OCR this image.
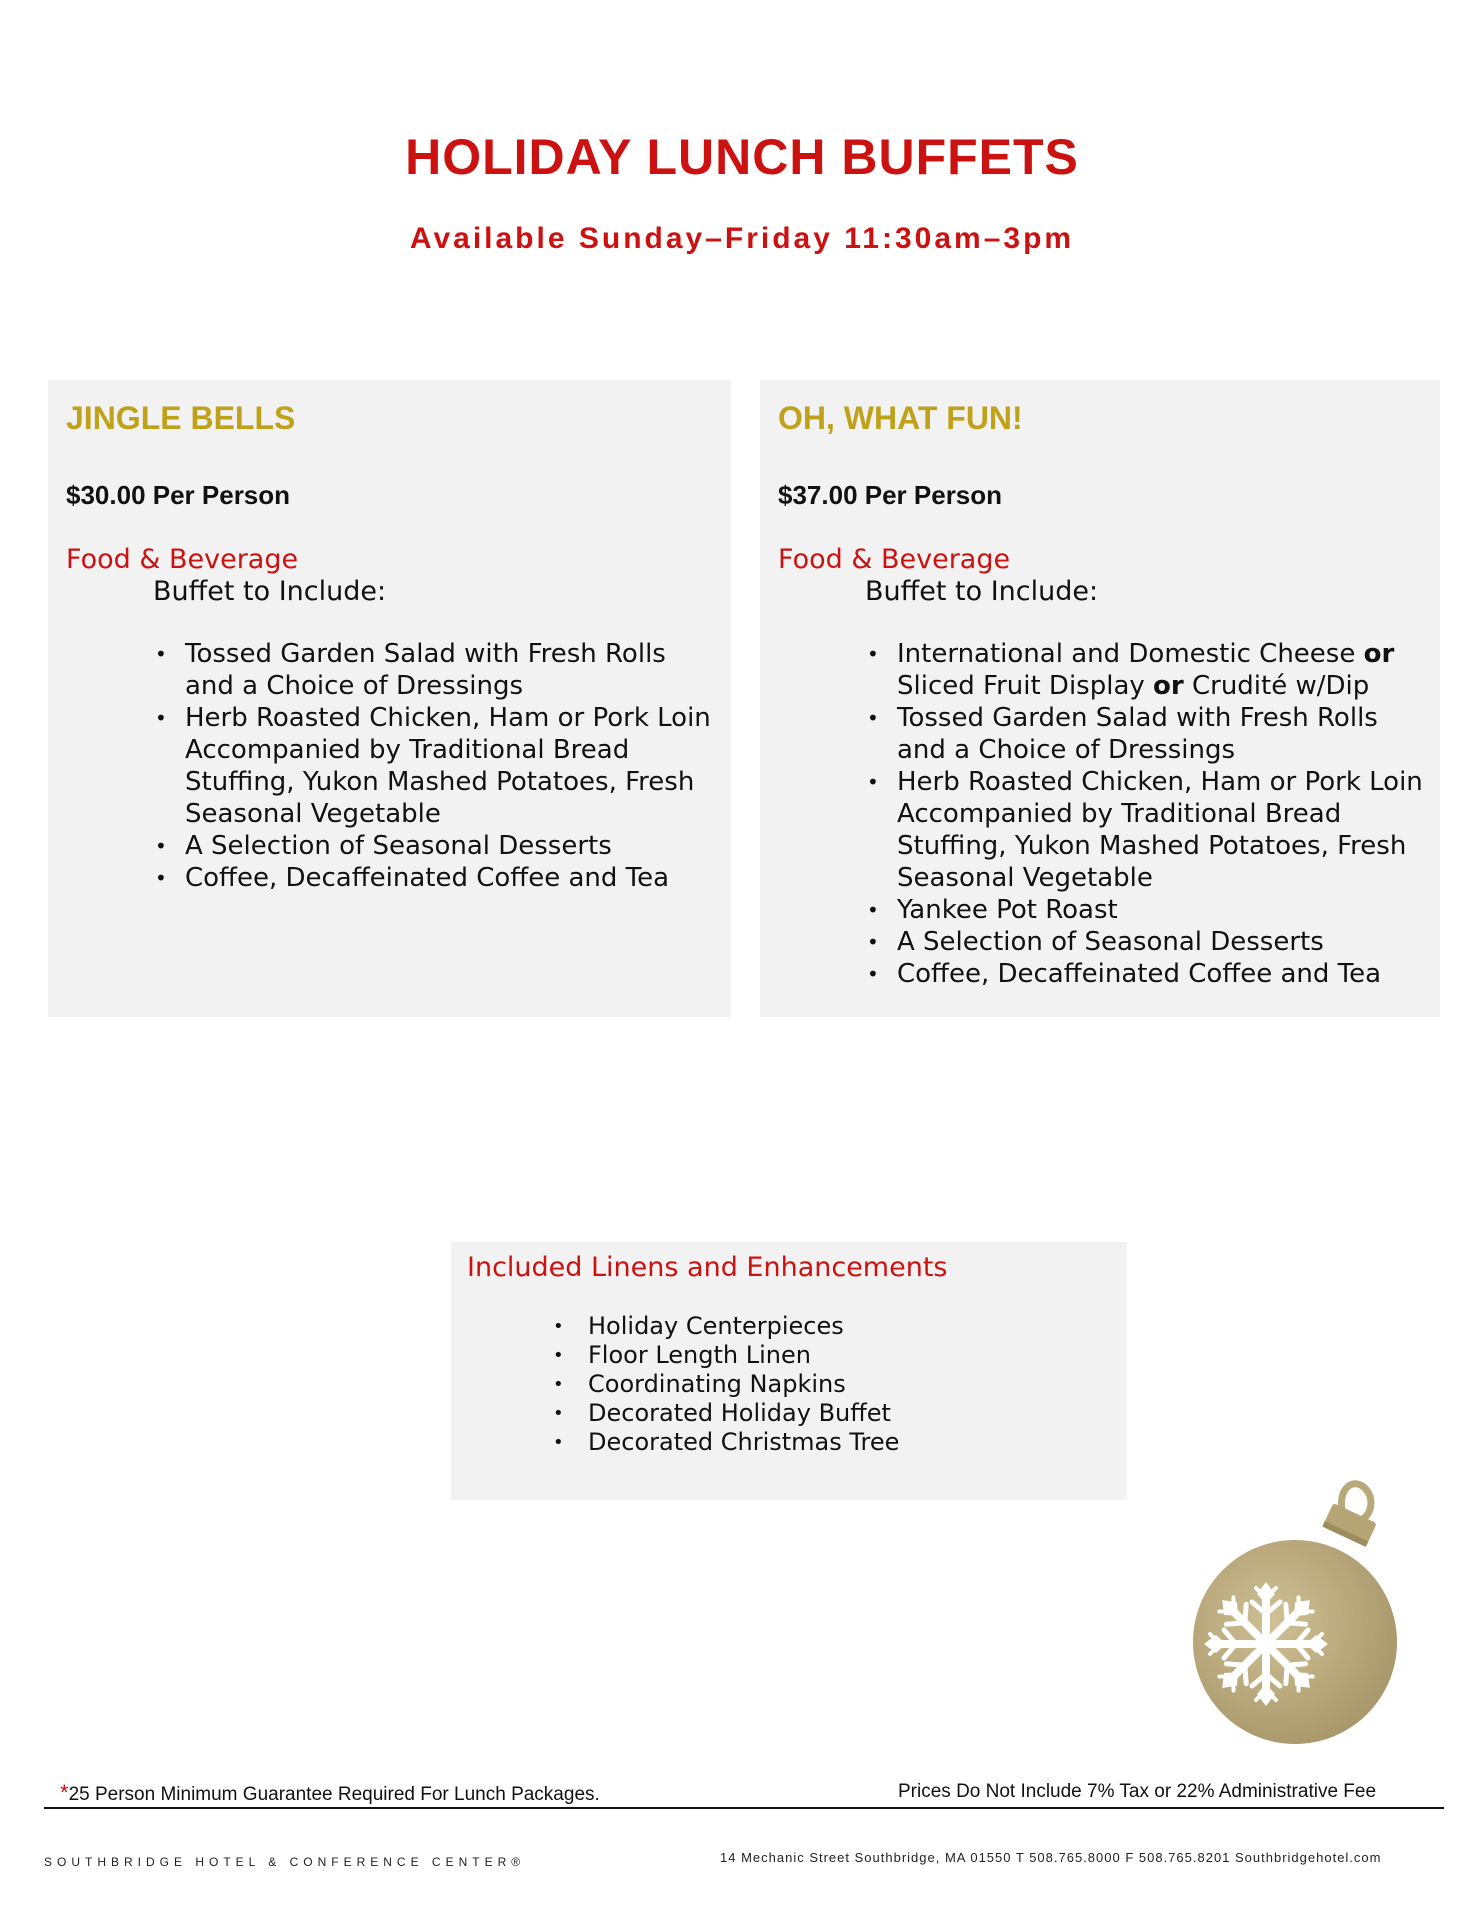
HOLIDAY LUNCH BUFFETS
Available Sunday–Friday 11:30am–3pm
JINGLE BELLS
$30.00 Per Person
Food & Beverage
Buffet to Include:
• Tossed Garden Salad with Fresh Rolls and a Choice of Dressings
• Herb Roasted Chicken, Ham or Pork Loin Accompanied by Traditional Bread Stuffing, Yukon Mashed Potatoes, Fresh Seasonal Vegetable
• A Selection of Seasonal Desserts
• Coffee, Decaffeinated Coffee and Tea
OH, WHAT FUN!
$37.00 Per Person
Food & Beverage
Buffet to Include:
• International and Domestic Cheese or Sliced Fruit Display or Crudité w/Dip
• Tossed Garden Salad with Fresh Rolls and a Choice of Dressings
• Herb Roasted Chicken, Ham or Pork Loin Accompanied by Traditional Bread Stuffing, Yukon Mashed Potatoes, Fresh Seasonal Vegetable
• Yankee Pot Roast
• A Selection of Seasonal Desserts
• Coffee, Decaffeinated Coffee and Tea
Included Linens and Enhancements
• Holiday Centerpieces
• Floor Length Linen
• Coordinating Napkins
• Decorated Holiday Buffet
• Decorated Christmas Tree
*25 Person Minimum Guarantee Required For Lunch Packages.	Prices Do Not Include 7% Tax or 22% Administrative Fee
SOUTHBRIDGE HOTEL & CONFERENCE CENTER®	14 Mechanic Street Southbridge, MA 01550 T 508.765.8000 F 508.765.8201 Southbridgehotel.com
